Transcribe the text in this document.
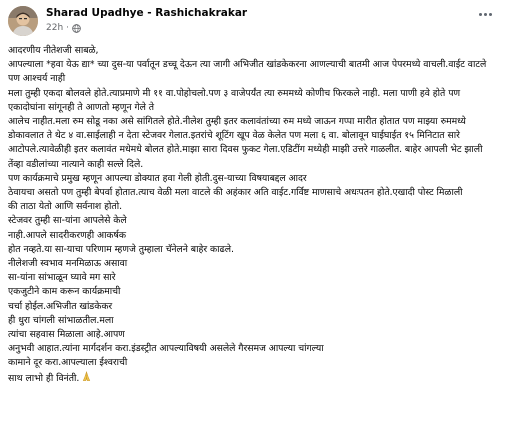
Sharad Upadhye - Rashichakrakar
22h ·

आदरणीय नीतेशजी साबळे,

आपल्याला *हवा येऊ द्या* च्या दुस-या पर्वातून डच्चू देऊन त्या जागी अभिजीत खांडकेकरना आणल्याची बातमी आज पेपरमध्ये वाचली.वाईट वाटले पण आश्चर्य नाही

मला तुम्ही एकदा बोलवले होते.त्याप्रमाणे मी ११ वा.पोहोचलो.पण ३ वाजेपर्यंत त्या रुममध्ये कोणीच फिरकले नाही. मला पाणी हवे होते पण एकादोघांना सांगूनही ते आणतो म्हणून गेले ते

आलेच नाहीत.मला रुम सोडू नका असे सांगितले होते.नीलेश तुम्ही इतर कलावंतांच्या रुम मध्ये जाऊन गप्पा मारीत होतात पण माझ्या रुममध्ये

डोकावलात ते थेट ४ वा.साईलाही न देता स्टेजवर गेलात.इतरांचे शूटिंग खूप वेळ केलेत पण मला ६ वा. बोलावून घाईघाईत १५ मिनिटात सारे आटोपले.त्यावेळीही इतर कलावंत मधेमधे बोलत होते.माझा सारा दिवस फुकट गेला.एडिटींग मध्येही माझी उत्तरे गाळलीत. बाहेर आपली भेट झाली तेंव्हा वडीलांच्या नात्याने काही सल्ले दिले.

पण कार्यक्रमाचे प्रमुख म्हणून आपल्या डोक्यात हवा गेली होती.दुस-याच्या विषयाबद्दल आदर

ठेवायचा असतो पण तुम्ही बेपर्वा होतात.त्याच वेळी मला वाटले की अहंकार अति वाईट.गर्विष्ट माणसाचे अधःपतन होते.एखादी पोस्ट मिळाली

की ताठा येतो आणि सर्वनाश होतो.

स्टेजवर तुम्ही सा-यांना आपलेसे केले

नाही.आपले सादरीकरणही आकर्षक

होत नव्हते.या सा-याचा परिणाम म्हणजे तुम्हाला चॅनेलने बाहेर काढले.

नीलेशजी स्वभाव मनमिळाऊ असावा

सा-यांना सांभाळून घ्यावे मग सारे

एकजुटीने काम करून कार्यक्रमाची

चर्चा होईल.अभिजीत खांडकेकर

ही धुरा चांगली सांभाळतील.मला

त्यांचा सहवास मिळाला आहे.आपण

अनुभवी आहात.त्यांना मार्गदर्शन करा.इंडस्ट्रीत आपल्याविषयी असलेले गैरसमज आपल्या चांगल्या

कामाने दूर करा.आपल्याला ईश्वराची

साथ लाभो ही विनंती.
